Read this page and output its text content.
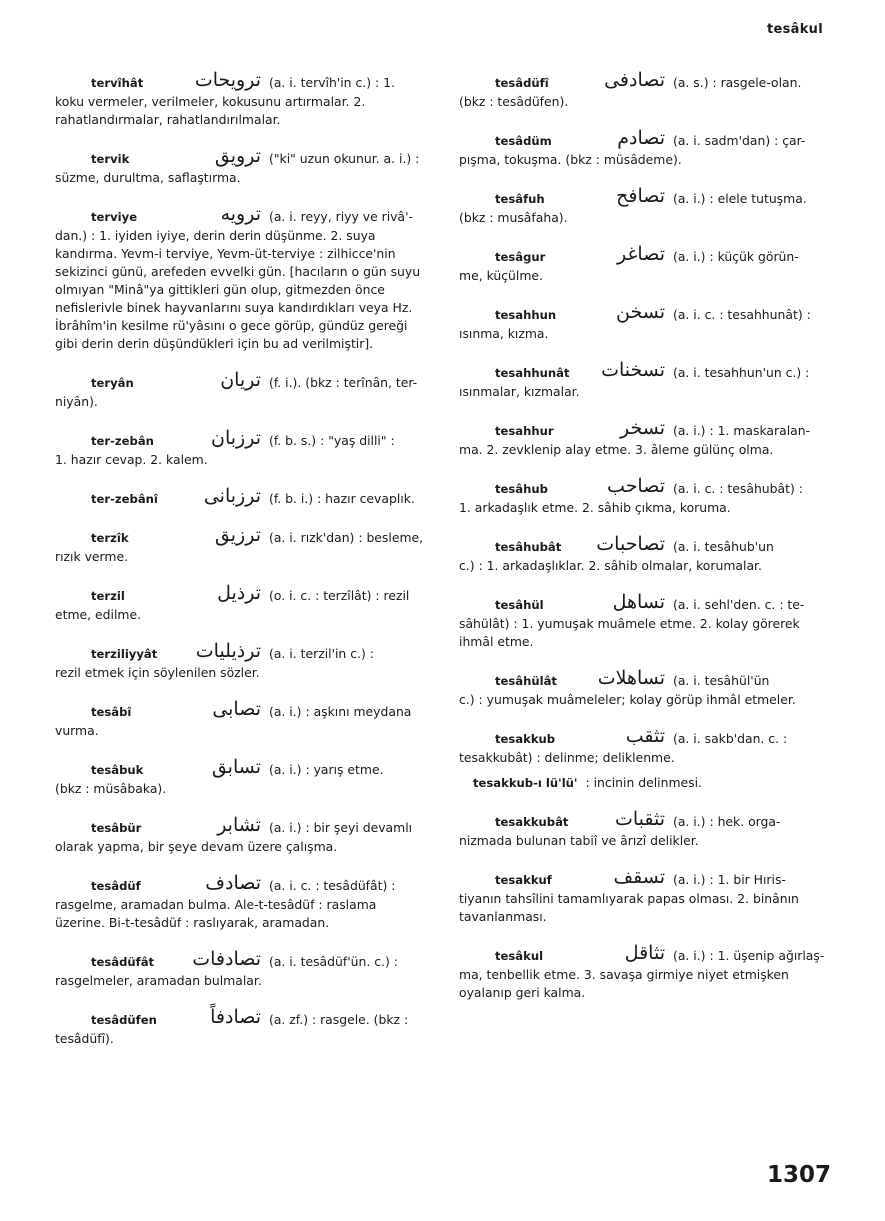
tesâkul
tervîhât	ترویحات (a. i. tervîh'in c.) : 1.
koku vermeler, verilmeler, kokusunu artırmalar. 2. rahatlandırmalar, rahatlandırılmalar.
tervik	ترویق ("ki" uzun okunur. a. i.) :
süzme, durultma, saflaştırma.
terviye	ترویه (a. i. reyy, riyy ve rivâ'-
dan.) : 1. iyiden iyiye, derin derin düşünme. 2. suya kandırma. Yevm-i terviye, Yevm-üt-terviye : zilhicce'nin sekizinci günü, arefeden evvelki gün. [hacıların o gün suyu olmıyan "Minâ"ya gittikleri gün olup, gitmezden önce nefislerivle binek hayvanlarını suya kandırdıkları veya Hz. İbrâhîm'in kesilme rü'yâsını o gece görüp, gündüz gereği gibi derin derin düşündükleri için bu ad verilmiştir].
teryân	تریان (f. i.). (bkz : terînân, ter-
niyân).
ter-zebân	ترزبان (f. b. s.) : "yaş dilli" :
1. hazır cevap. 2. kalem.
ter-zebânî	ترزبانی (f. b. i.) : hazır cevaplık.
terzîk	ترزیق (a. i. rızk'dan) : besleme,
rızık verme.
terzil	ترذیل (o. i. c. : terzîlât) : rezil
etme, edilme.
terziliyyât	ترذیلیات (a. i. terzil'in c.) :
rezil etmek için söylenilen sözler.
tesâbî	تصابی (a. i.) : aşkını meydana
vurma.
tesâbuk	تسابق (a. i.) : yarış etme.
(bkz : müsâbaka).
tesâbür	تشابر (a. i.) : bir şeyi devamlı
olarak yapma, bir şeye devam üzere çalışma.
tesâdüf	تصادف (a. i. c. : tesâdüfât) :
rasgelme, aramadan bulma. Ale-t-tesâdüf : raslama üzerine. Bi-t-tesâdüf : raslıyarak, aramadan.
tesâdüfât	تصادفات (a. i. tesâdüf'ün. c.) :
rasgelmeler, aramadan bulmalar.
tesâdüfen	تصادفاً (a. zf.) : rasgele. (bkz :
tesâdüfî).
tesâdüfî	تصادفی (a. s.) : rasgele-olan.
(bkz : tesâdüfen).
tesâdüm	تصادم (a. i. sadm'dan) : çar-
pışma, tokuşma. (bkz : müsâdeme).
tesâfuh	تصافح (a. i.) : elele tutuşma.
(bkz : musâfaha).
tesâgur	تصاغر (a. i.) : küçük görün-
me, küçülme.
tesahhun	تسخن (a. i. c. : tesahhunât) :
ısınma, kızma.
tesahhunât	تسخنات (a. i. tesahhun'un c.) :
ısınmalar, kızmalar.
tesahhur	تسخر (a. i.) : 1. maskaralan-
ma. 2. zevklenip alay etme. 3. âleme gülünç olma.
tesâhub	تصاحب (a. i. c. : tesâhubât) :
1. arkadaşlık etme. 2. sâhib çıkma, koruma.
tesâhubât	تصاحبات (a. i. tesâhub'un
c.) : 1. arkadaşlıklar. 2. sâhib olmalar, korumalar.
tesâhül	تساهل (a. i. sehl'den. c. : te-
sâhülât) : 1. yumuşak muâmele etme. 2. kolay görerek ihmâl etme.
tesâhülât	تساهلات (a. i. tesâhül'ün
c.) : yumuşak muâmeleler; kolay görüp ihmâl etmeler.
tesakkub	تثقب (a. i. sakb'dan. c. :
tesakkubât) : delinme; deliklenme.
tesakkub-ı lü'lü' : incinin delinmesi.
tesakkubât	تثقبات (a. i.) : hek. orga-
nizmada bulunan tabiî ve ârızî delikler.
tesakkuf	تسقف (a. i.) : 1. bir Hıris-
tiyanın tahsîlini tamamlıyarak papas olması. 2. binânın tavanlanması.
tesâkul	تثاقل (a. i.) : 1. üşenip ağırlaş-
ma, tenbellik etme. 3. savaşa girmiye niyet etmişken oyalanıp geri kalma.
1307
